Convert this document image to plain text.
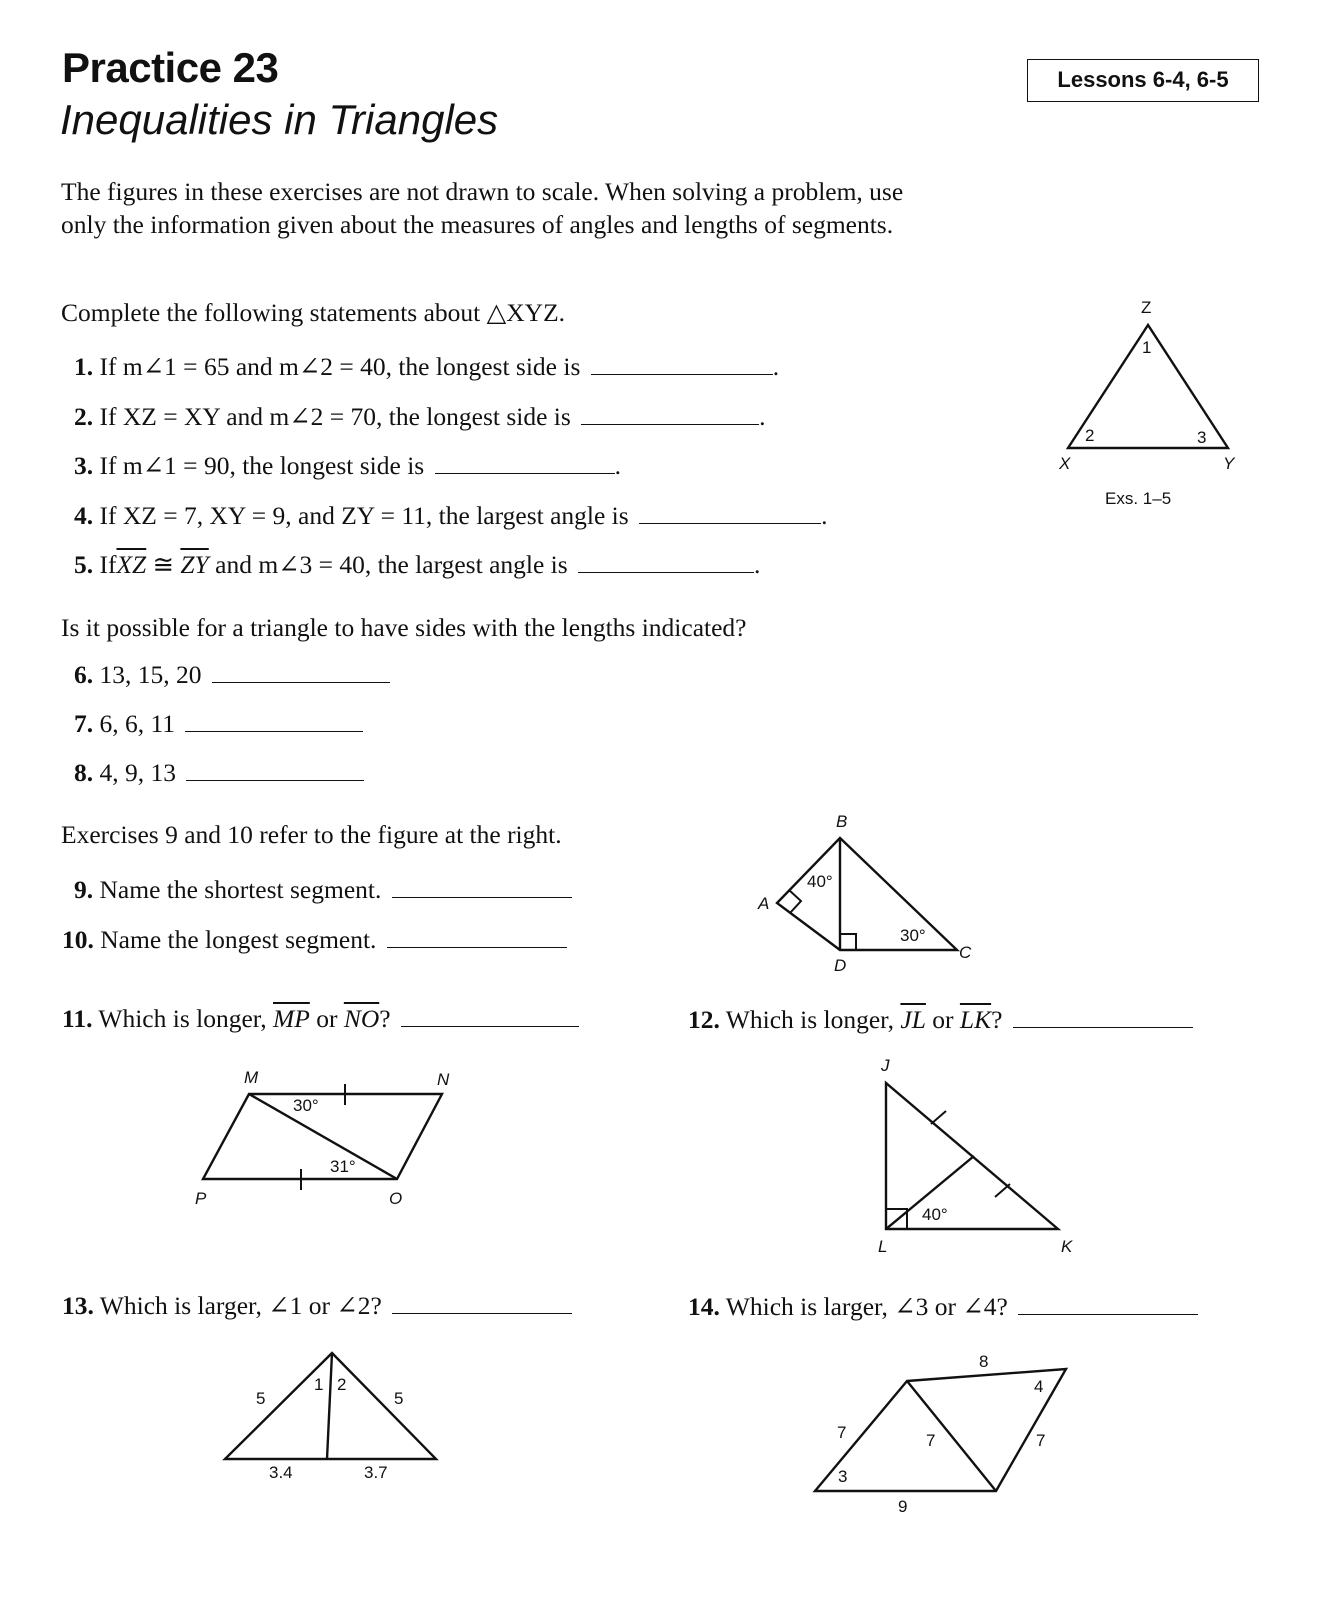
Practice 23
Inequalities in Triangles
Lessons 6-4, 6-5
The figures in these exercises are not drawn to scale. When solving a problem, use only the information given about the measures of angles and lengths of segments.
Complete the following statements about △XYZ.
1. If m∠1 = 65 and m∠2 = 40, the longest side is	.
2. If XZ = XY and m∠2 = 70, the longest side is	.
3. If m∠1 = 90, the longest side is	.
4. If XZ = 7, XY = 9, and ZY = 11, the largest angle is	.
5. $If\overline{XZ}$ ≅ $\overline{ZY}$ and m∠3 = 40, the largest angle is	.
Z
1
2	3
X	Y
Exs. 1–5
Is it possible for a triangle to have sides with the lengths indicated?
6. 13, 15, 20
7. 6, 6, 11
8. 4, 9, 13
Exercises 9 and 10 refer to the figure at the right.
9. Name the shortest segment.
10. Name the longest segment.
B
40°
A
30°
C
D
11. Which is longer, $\overline{MP}$ or $\overline{NO}$?
M	N
30°
31°
P	O
12. Which is longer, $\overline{JL}$ or $\overline{LK}$?
J
40°
L	K
13. Which is larger, ∠1 or ∠2?
5
1 2
5
3.4	3.7
14. Which is larger, ∠3 or ∠4?
8
4
7	7	7
3
9
